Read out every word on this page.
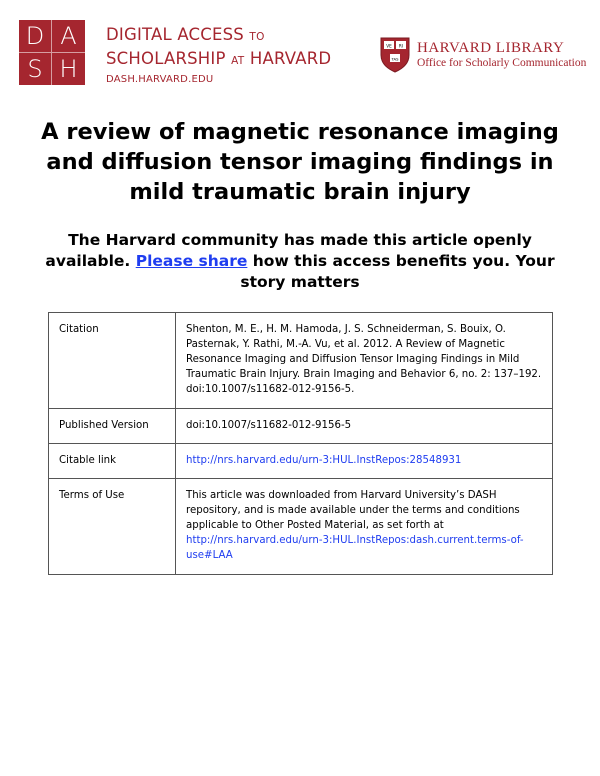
D A
S H
DIGITAL ACCESS TO
SCHOLARSHIP AT HARVARD
DASH.HARVARD.EDU
VE RI
TAS
HARVARD LIBRARY
Office for Scholarly Communication
A review of magnetic resonance imaging and diffusion tensor imaging findings in mild traumatic brain injury
The Harvard community has made this article openly available. Please share how this access benefits you. Your story matters
Citation	Shenton, M. E., H. M. Hamoda, J. S. Schneiderman, S. Bouix, O. Pasternak, Y. Rathi, M.-A. Vu, et al. 2012. A Review of Magnetic Resonance Imaging and Diffusion Tensor Imaging Findings in Mild Traumatic Brain Injury. Brain Imaging and Behavior 6, no. 2: 137–192. doi:10.1007/s11682-012-9156-5.
Published Version	doi:10.1007/s11682-012-9156-5
Citable link	http://nrs.harvard.edu/urn-3:HUL.InstRepos:28548931
Terms of Use	This article was downloaded from Harvard University’s DASH repository, and is made available under the terms and conditions applicable to Other Posted Material, as set forth at http://nrs.harvard.edu/urn-3:HUL.InstRepos:dash.current.terms-of-use#LAA
